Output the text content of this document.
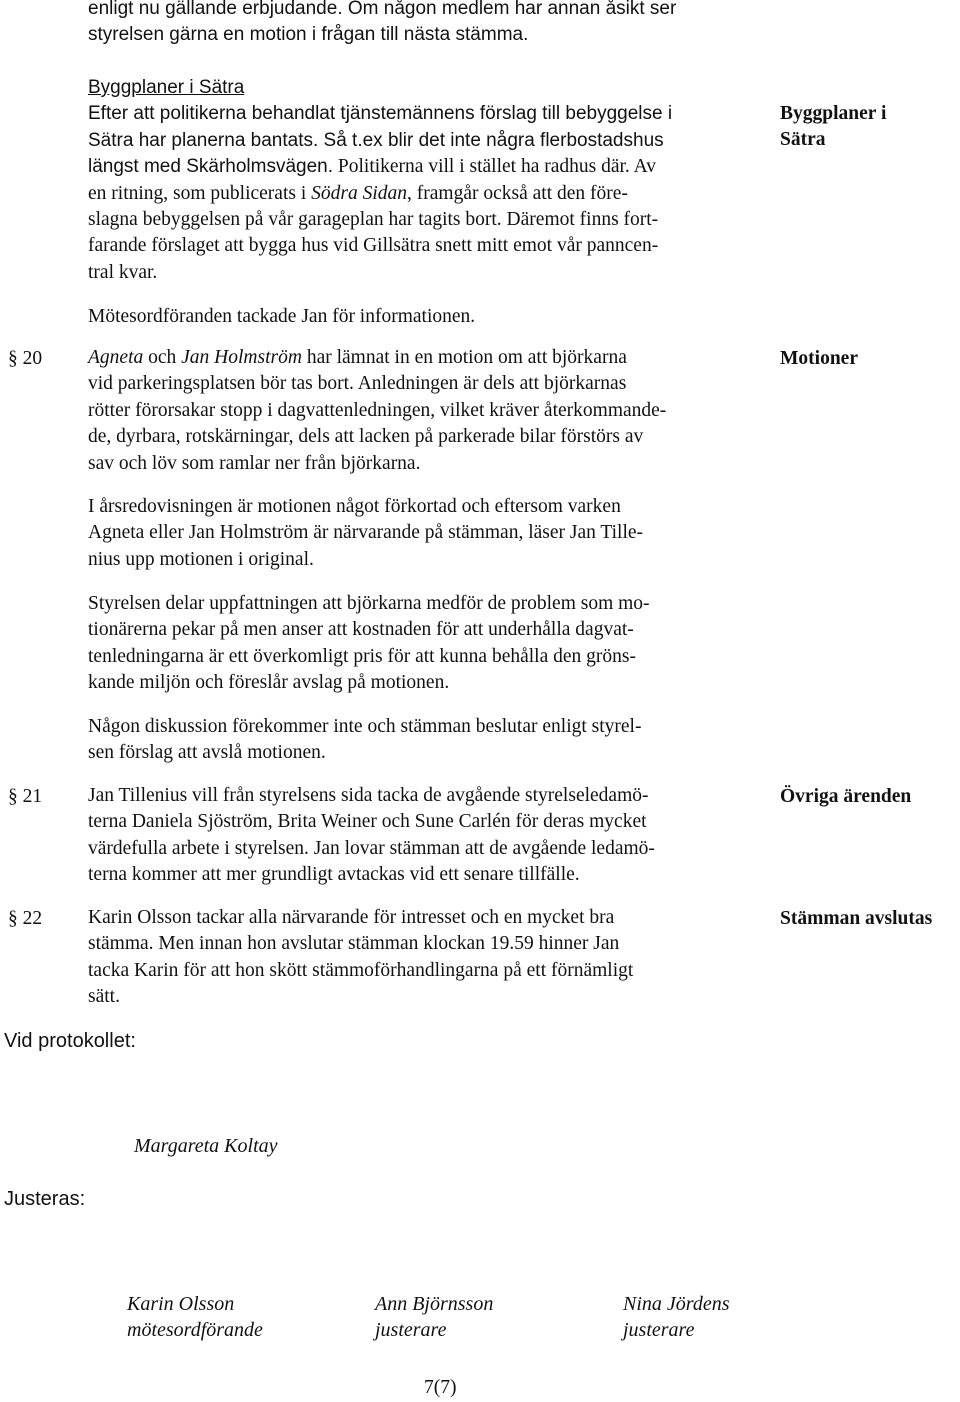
enligt nu gällande erbjudande. Om någon medlem har annan åsikt ser
styrelsen gärna en motion i frågan till nästa stämma.
Byggplaner i Sätra
Efter att politikerna behandlat tjänstemännens förslag till bebyggelse i
Sätra har planerna bantats. Så t.ex blir det inte några flerbostadshus
längst med Skärholmsvägen. Politikerna vill i stället ha radhus där. Av
en ritning, som publicerats i Södra Sidan, framgår också att den före-
slagna bebyggelsen på vår garageplan har tagits bort. Däremot finns fort-
farande förslaget att bygga hus vid Gillsätra snett mitt emot vår panncen-
tral kvar.
Byggplaner i
Sätra
Mötesordföranden tackade Jan för informationen.
§ 20	Motioner
Agneta och Jan Holmström har lämnat in en motion om att björkarna
vid parkeringsplatsen bör tas bort. Anledningen är dels att björkarnas
rötter förorsakar stopp i dagvattenledningen, vilket kräver återkommande-
de, dyrbara, rotskärningar, dels att lacken på parkerade bilar förstörs av
sav och löv som ramlar ner från björkarna.
I årsredovisningen är motionen något förkortad och eftersom varken
Agneta eller Jan Holmström är närvarande på stämman, läser Jan Tille-
nius upp motionen i original.
Styrelsen delar uppfattningen att björkarna medför de problem som mo-
tionärerna pekar på men anser att kostnaden för att underhålla dagvat-
tenledningarna är ett överkomligt pris för att kunna behålla den gröns-
kande miljön och föreslår avslag på motionen.
Någon diskussion förekommer inte och stämman beslutar enligt styrel-
sen förslag att avslå motionen.
§ 21	Övriga ärenden
Jan Tillenius vill från styrelsens sida tacka de avgående styrelseledamö-
terna Daniela Sjöström, Brita Weiner och Sune Carlén för deras mycket
värdefulla arbete i styrelsen. Jan lovar stämman att de avgående ledamö-
terna kommer att mer grundligt avtackas vid ett senare tillfälle.
§ 22	Stämman avslutas
Karin Olsson tackar alla närvarande för intresset och en mycket bra
stämma. Men innan hon avslutar stämman klockan 19.59 hinner Jan
tacka Karin för att hon skött stämmoförhandlingarna på ett förnämligt
sätt.
Vid protokollet:
Margareta Koltay
Justeras:
Karin Olsson
mötesordförande
Ann Björnsson
justerare
Nina Jördens
justerare
7(7)
